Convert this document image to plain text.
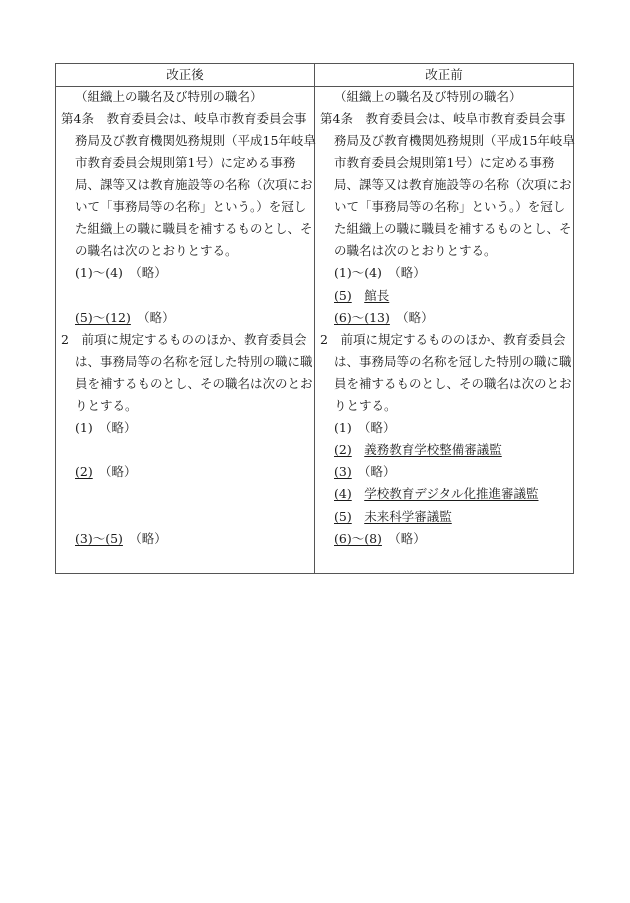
改正後	改正前
（組織上の職名及び特別の職名）
第4条　教育委員会は、岐阜市教育委員会事
務局及び教育機関処務規則（平成15年岐阜
市教育委員会規則第1号）に定める事務
局、課等又は教育施設等の名称（次項にお
いて「事務局等の名称」という。）を冠し
た組織上の職に職員を補するものとし、そ
の職名は次のとおりとする。
(1)～(4)　 （略）
(5)～(12)　 （略）
2　前項に規定するもののほか、教育委員会
は、事務局等の名称を冠した特別の職に職
員を補するものとし、その職名は次のとお
りとする。
(1)　 （略）
(2)　 （略）
(3)～(5)　 （略）
（組織上の職名及び特別の職名）
第4条　教育委員会は、岐阜市教育委員会事
務局及び教育機関処務規則（平成15年岐阜
市教育委員会規則第1号）に定める事務
局、課等又は教育施設等の名称（次項にお
いて「事務局等の名称」という。）を冠し
た組織上の職に職員を補するものとし、そ
の職名は次のとおりとする。
(1)～(4)　 （略）
(5)　 館長
(6)～(13)　 （略）
2　前項に規定するもののほか、教育委員会
は、事務局等の名称を冠した特別の職に職
員を補するものとし、その職名は次のとお
りとする。
(1)　 （略）
(2)　 義務教育学校整備審議監
(3)　 （略）
(4)　 学校教育デジタル化推進審議監
(5)　 未来科学審議監
(6)～(8)　 （略）
